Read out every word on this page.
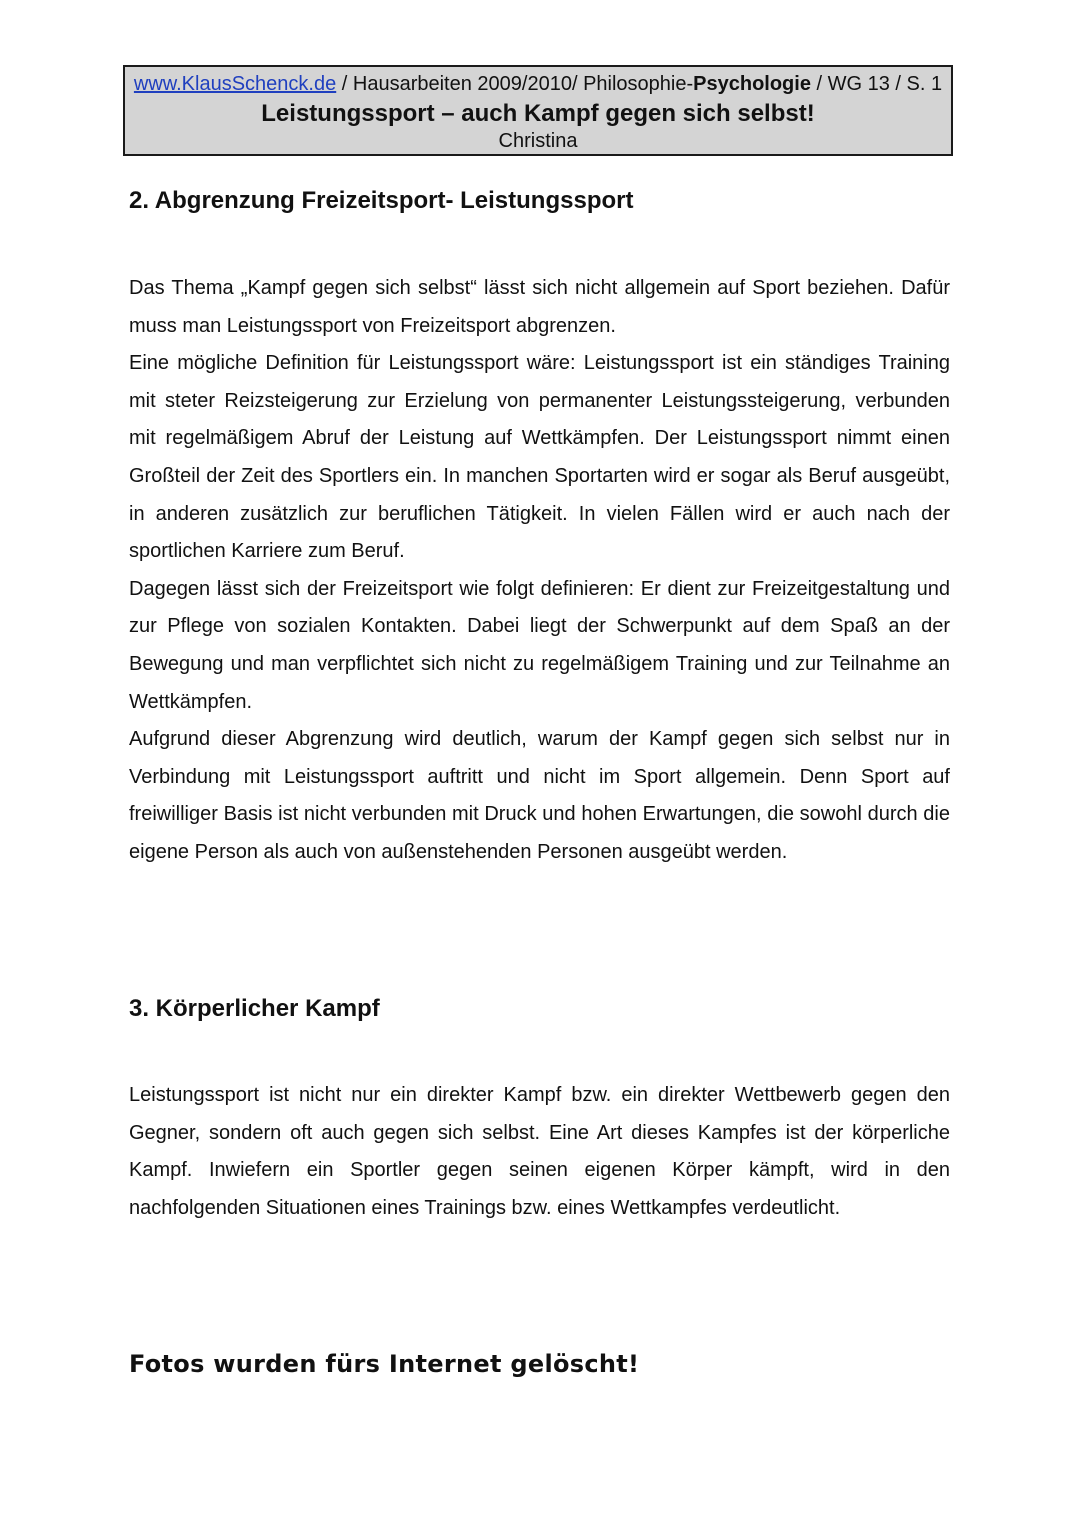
www.KlausSchenck.de / Hausarbeiten 2009/2010/ Philosophie-Psychologie / WG 13 / S. 1
Leistungssport – auch Kampf gegen sich selbst!
Christina
2. Abgrenzung Freizeitsport- Leistungssport

Das Thema „Kampf gegen sich selbst“ lässt sich nicht allgemein auf Sport beziehen. Dafür muss man Leistungssport von Freizeitsport abgrenzen.

Eine mögliche Definition für Leistungssport wäre: Leistungssport ist ein ständiges Training mit steter Reizsteigerung zur Erzielung von permanenter Leistungssteigerung, verbunden mit regelmäßigem Abruf der Leistung auf Wettkämpfen. Der Leistungssport nimmt einen Großteil der Zeit des Sportlers ein. In manchen Sportarten wird er sogar als Beruf ausgeübt, in anderen zusätzlich zur beruflichen Tätigkeit. In vielen Fällen wird er auch nach der sportlichen Karriere zum Beruf.

Dagegen lässt sich der Freizeitsport wie folgt definieren: Er dient zur Freizeitgestaltung und zur Pflege von sozialen Kontakten. Dabei liegt der Schwerpunkt auf dem Spaß an der Bewegung und man verpflichtet sich nicht zu regelmäßigem Training und zur Teilnahme an Wettkämpfen.

Aufgrund dieser Abgrenzung wird deutlich, warum der Kampf gegen sich selbst nur in Verbindung mit Leistungssport auftritt und nicht im Sport allgemein. Denn Sport auf freiwilliger Basis ist nicht verbunden mit Druck und hohen Erwartungen, die sowohl durch die eigene Person als auch von außenstehenden Personen ausgeübt werden.

3. Körperlicher Kampf

Leistungssport ist nicht nur ein direkter Kampf bzw. ein direkter Wettbewerb gegen den Gegner, sondern oft auch gegen sich selbst. Eine Art dieses Kampfes ist der körperliche Kampf. Inwiefern ein Sportler gegen seinen eigenen Körper kämpft, wird in den nachfolgenden Situationen eines Trainings bzw. eines Wettkampfes verdeutlicht.

Fotos wurden fürs Internet gelöscht!
